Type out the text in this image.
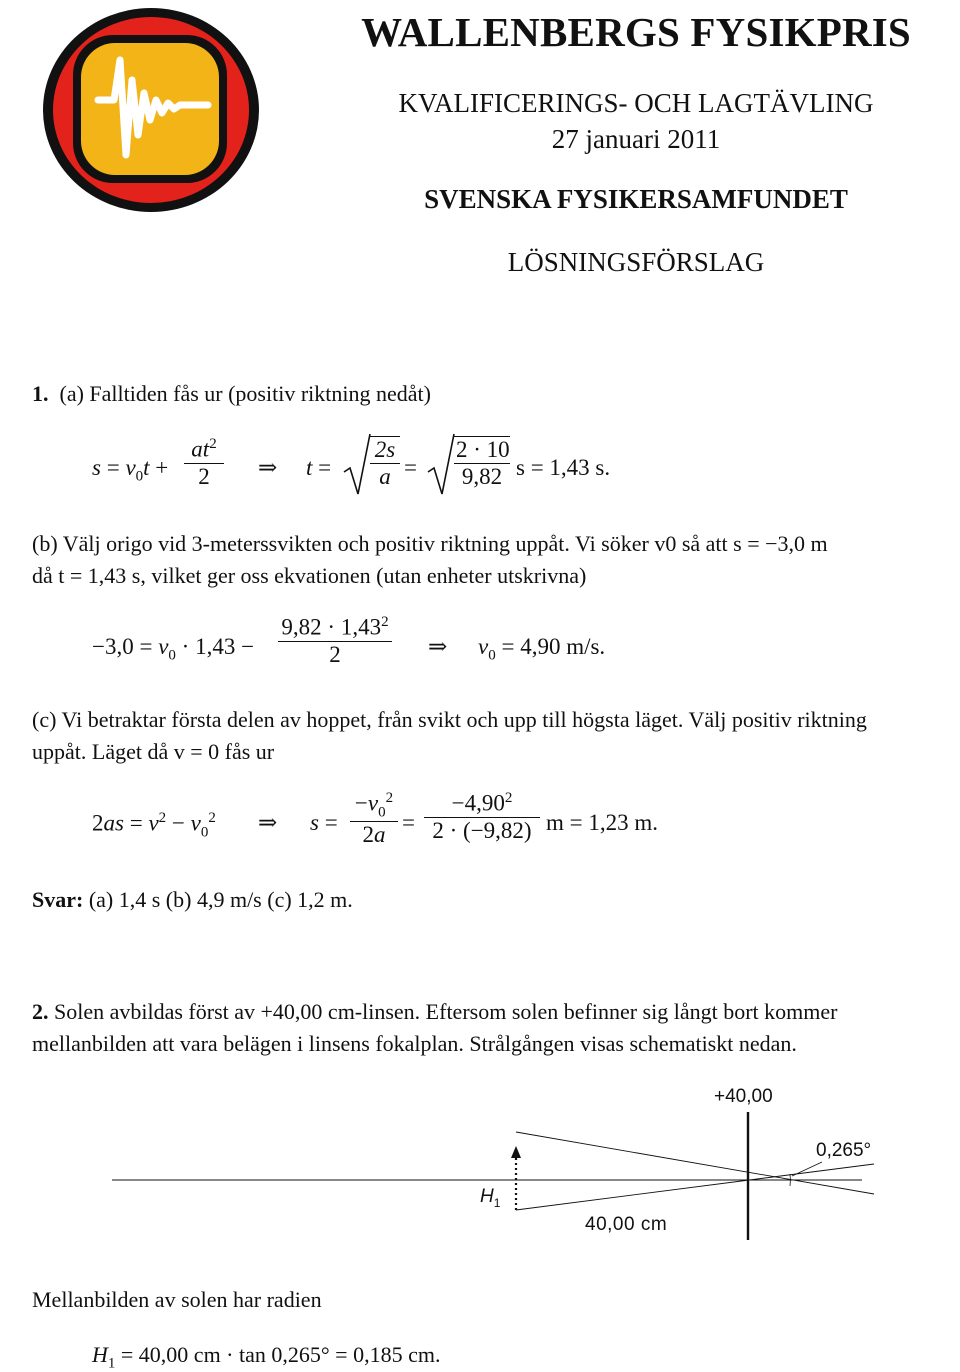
WALLENBERGS FYSIKPRIS
KVALIFICERINGS- OCH LAGTÄVLING
27 januari 2011
SVENSKA FYSIKERSAMFUNDET
LÖSNINGSFÖRSLAG
1. (a) Falltiden fås ur (positiv riktning nedåt)
$s = v_0t + \frac{at^2}{2}$ ⇒ $t = \frac{2s}{a} = \frac{2 \cdot 10}{9,82}$ s = 1,43 s.
(b) Välj origo vid 3-meterssvikten och positiv riktning uppåt. Vi söker v0 så att s = −3,0 m
då t = 1,43 s, vilket ger oss ekvationen (utan enheter utskrivna)
$-3,0 = v_0 \cdot 1,43 - \frac{9,82 \cdot 1,43^2}{2}$ ⇒ $v_0 = 4,90$ m/s.
(c) Vi betraktar första delen av hoppet, från svikt och upp till högsta läget. Välj positiv riktning
uppåt. Läget då v = 0 fås ur
$2as = v^2 - v_0^2$ ⇒ $s = \frac{-v_0^2}{2a} = \frac{-4,90^2}{2 \cdot (-9,82)}$ m = 1,23 m.
Svar: (a) 1,4 s (b) 4,9 m/s (c) 1,2 m.
2. Solen avbildas först av +40,00 cm-linsen. Eftersom solen befinner sig långt bort kommer
mellanbilden att vara belägen i linsens fokalplan. Strålgången visas schematiskt nedan.
+40,00
0,265°
$H_1$
40,00 cm
Mellanbilden av solen har radien
$H_1 = 40,00$ cm · tan 0,265° = 0,185 cm.
